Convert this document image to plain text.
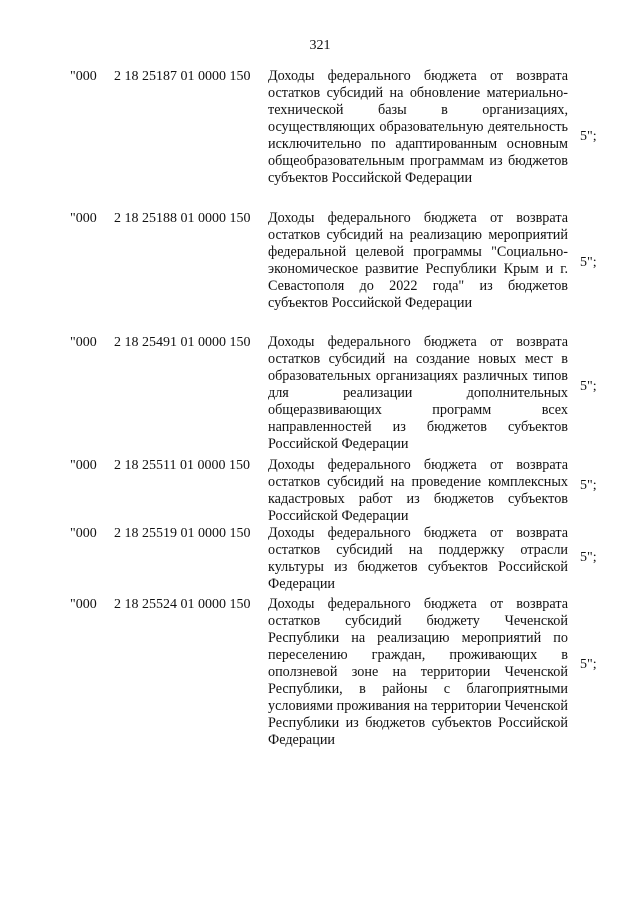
321
"000	2 18 25187 01 0000 150	Доходы федерального бюджета от возврата остатков субсидий на обновление материально-технической базы в организациях, осуществляющих образовательную деятельность исключительно по адаптированным основным общеобразовательным программам из бюджетов субъектов Российской Федерации
5";
"000	2 18 25188 01 0000 150	Доходы федерального бюджета от возврата остатков субсидий на реализацию мероприятий федеральной целевой программы "Социально-экономическое развитие Республики Крым и г. Севастополя до 2022 года" из бюджетов субъектов Российской Федерации
5";
"000	2 18 25491 01 0000 150	Доходы федерального бюджета от возврата остатков субсидий на создание новых мест в образовательных организациях различных типов для реализации дополнительных общеразвивающих программ всех направленностей из бюджетов субъектов Российской Федерации
5";
"000	2 18 25511 01 0000 150	Доходы федерального бюджета от возврата остатков субсидий на проведение комплексных кадастровых работ из бюджетов субъектов Российской Федерации
5";
"000	2 18 25519 01 0000 150	Доходы федерального бюджета от возврата остатков субсидий на поддержку отрасли культуры из бюджетов субъектов Российской Федерации
5";
"000	2 18 25524 01 0000 150	Доходы федерального бюджета от возврата остатков субсидий бюджету Чеченской Республики на реализацию мероприятий по переселению граждан, проживающих в оползневой зоне на территории Чеченской Республики, в районы с благоприятными условиями проживания на территории Чеченской Республики из бюджетов субъектов Российской Федерации
5";
